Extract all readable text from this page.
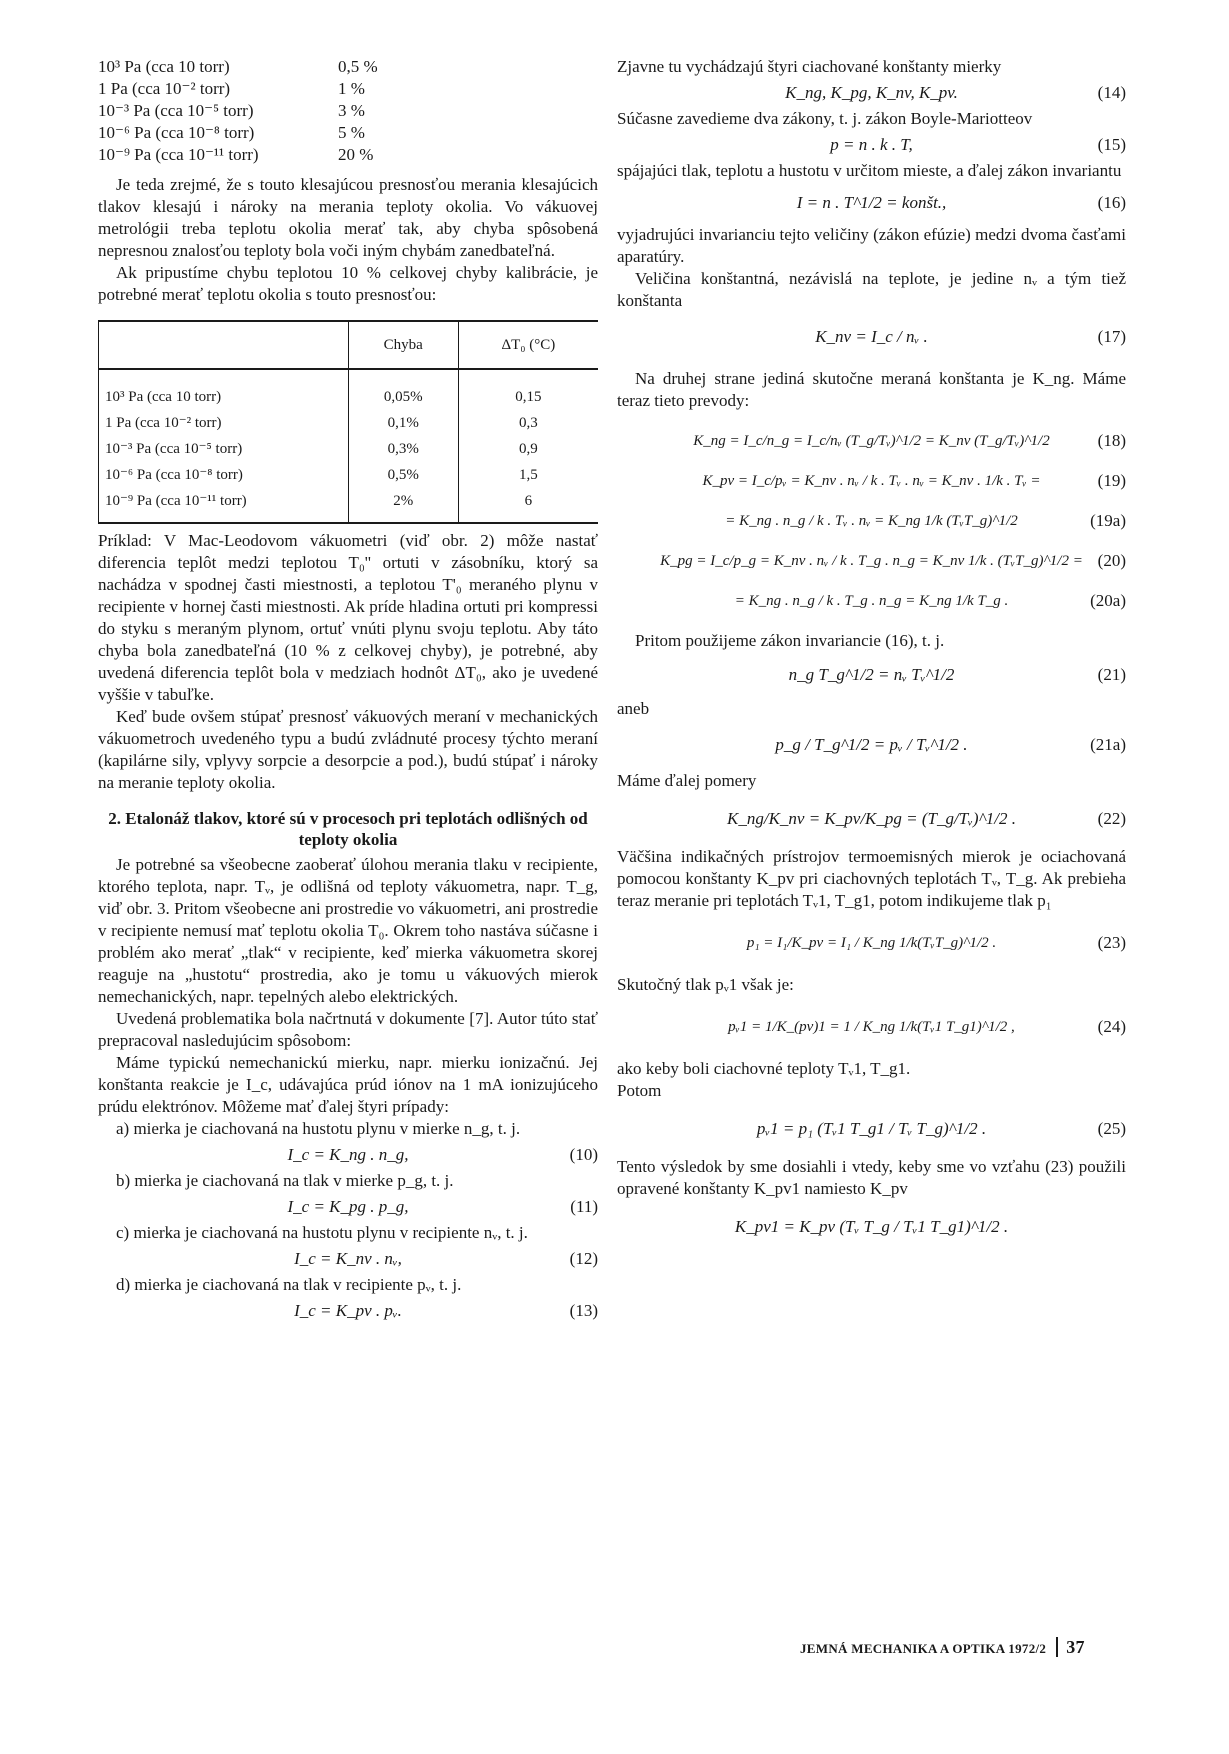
10³ Pa (cca 10 torr)	0,5 %
1 Pa (cca 10⁻² torr)	1 %
10⁻³ Pa (cca 10⁻⁵ torr)	3 %
10⁻⁶ Pa (cca 10⁻⁸ torr)	5 %
10⁻⁹ Pa (cca 10⁻¹¹ torr)	20 %

Je teda zrejmé, že s touto klesajúcou presnosťou merania klesajúcich tlakov klesajú i nároky na merania teploty okolia. Vo vákuovej metrológii treba teplotu okolia merať tak, aby chyba spôsobená nepresnou znalosťou teploty bola voči iným chybám zanedbateľná.

Ak pripustíme chybu teplotou 10 % celkovej chyby kalibrácie, je potrebné merať teplotu okolia s touto presnosťou:

	Chyba	ΔT₀ (°C)
10³ Pa (cca 10 torr)	0,05%	0,15
1 Pa (cca 10⁻² torr)	0,1%	0,3
10⁻³ Pa (cca 10⁻⁵ torr)	0,3%	0,9
10⁻⁶ Pa (cca 10⁻⁸ torr)	0,5%	1,5
10⁻⁹ Pa (cca 10⁻¹¹ torr)	2%	6

Príklad: V Mac-Leodovom vákuometri (viď obr. 2) môže nastať diferencia teplôt medzi teplotou T₀'' ortuti v zásobníku, ktorý sa nachádza v spodnej časti miestnosti, a teplotou T'₀ meraného plynu v recipiente v hornej časti miestnosti. Ak príde hladina ortuti pri kompressi do styku s meraným plynom, ortuť vnúti plynu svoju teplotu. Aby táto chyba bola zanedbateľná (10 % z celkovej chyby), je potrebné, aby uvedená diferencia teplôt bola v medziach hodnôt ΔT₀, ako je uvedené vyššie v tabuľke.

Keď bude ovšem stúpať presnosť vákuových meraní v mechanických vákuometroch uvedeného typu a budú zvládnuté procesy týchto meraní (kapilárne sily, vplyvy sorpcie a desorpcie a pod.), budú stúpať i nároky na meranie teploty okolia.

2. Etalonáž tlakov, ktoré sú v procesoch pri teplotách odlišných od teploty okolia

Je potrebné sa všeobecne zaoberať úlohou merania tlaku v recipiente, ktorého teplota, napr. Tᵥ, je odlišná od teploty vákuometra, napr. T_g, viď obr. 3. Pritom všeobecne ani prostredie vo vákuometri, ani prostredie v recipiente nemusí mať teplotu okolia T₀. Okrem toho nastáva súčasne i problém ako merať „tlak“ v recipiente, keď mierka vákuometra skorej reaguje na „hustotu“ prostredia, ako je tomu u vákuových mierok nemechanických, napr. tepelných alebo elektrických.

Uvedená problematika bola načrtnutá v dokumente [7]. Autor túto stať prepracoval nasledujúcim spôsobom:

Máme typickú nemechanickú mierku, napr. mierku ionizačnú. Jej konštanta reakcie je I_c, udávajúca prúd iónov na 1 mA ionizujúceho prúdu elektrónov. Môžeme mať ďalej štyri prípady:

a) mierka je ciachovaná na hustotu plynu v mierke n_g, t. j.

I_c = K_ng . n_g,	(10)

b) mierka je ciachovaná na tlak v mierke p_g, t. j.

I_c = K_pg . p_g,	(11)

c) mierka je ciachovaná na hustotu plynu v recipiente nᵥ, t. j.

I_c = K_nv . nᵥ,	(12)

d) mierka je ciachovaná na tlak v recipiente pᵥ, t. j.

I_c = K_pv . pᵥ.	(13)

Zjavne tu vychádzajú štyri ciachované konštanty mierky

K_ng, K_pg, K_nv, K_pv.	(14)

Súčasne zavedieme dva zákony, t. j. zákon Boyle-Mariotteov

p = n . k . T,	(15)

spájajúci tlak, teplotu a hustotu v určitom mieste, a ďalej zákon invariantu

I = n . T^1/2 = konšt.,	(16)

vyjadrujúci invarianciu tejto veličiny (zákon efúzie) medzi dvoma časťami aparatúry.

Veličina konštantná, nezávislá na teplote, je jedine nᵥ a tým tiež konštanta

K_nv = I_c / nᵥ .	(17)

Na druhej strane jediná skutočne meraná konštanta je K_ng. Máme teraz tieto prevody:

K_ng = I_c/n_g = I_c/nᵥ (T_g/Tᵥ)^1/2 = K_nv (T_g/Tᵥ)^1/2	(18)
K_pv = I_c/pᵥ = K_nv . nᵥ / k . Tᵥ . nᵥ = K_nv . 1/k . Tᵥ =	(19)
= K_ng . n_g / k . Tᵥ . nᵥ = K_ng 1/k (TᵥT_g)^1/2	(19a)
K_pg = I_c/p_g = K_nv . nᵥ / k . T_g . n_g = K_nv 1/k . (TᵥT_g)^1/2 = (20)
= K_ng . n_g / k . T_g . n_g = K_ng 1/k T_g .	(20a)

Pritom použijeme zákon invariancie (16), t. j.

n_g T_g^1/2 = nᵥ Tᵥ^1/2	(21)

aneb

p_g / T_g^1/2 = pᵥ / Tᵥ^1/2 .	(21a)

Máme ďalej pomery

K_ng/K_nv = K_pv/K_pg = (T_g/Tᵥ)^1/2 .	(22)

Väčšina indikačných prístrojov termoemisných mierok je ociachovaná pomocou konštanty K_pv pri ciachovných teplotách Tᵥ, T_g. Ak prebieha teraz meranie pri teplotách Tᵥ1, T_g1, potom indikujeme tlak p₁

p₁ = I₁/K_pv = I₁ / K_ng 1/k(TᵥT_g)^1/2 .	(23)

Skutočný tlak pᵥ1 však je:

pᵥ1 = 1/K_(pv)1 = 1 / K_ng 1/k(Tᵥ1 T_g1)^1/2 ,	(24)

ako keby boli ciachovné teploty Tᵥ1, T_g1.

Potom

pᵥ1 = p₁ (Tᵥ1 T_g1 / Tᵥ T_g)^1/2 .	(25)

Tento výsledok by sme dosiahli i vtedy, keby sme vo vzťahu (23) použili opravené konštanty K_pv1 namiesto K_pv

K_pv1 = K_pv (Tᵥ T_g / Tᵥ1 T_g1)^1/2 .
JEMNÁ MECHANIKA A OPTIKA 1972/2 37
